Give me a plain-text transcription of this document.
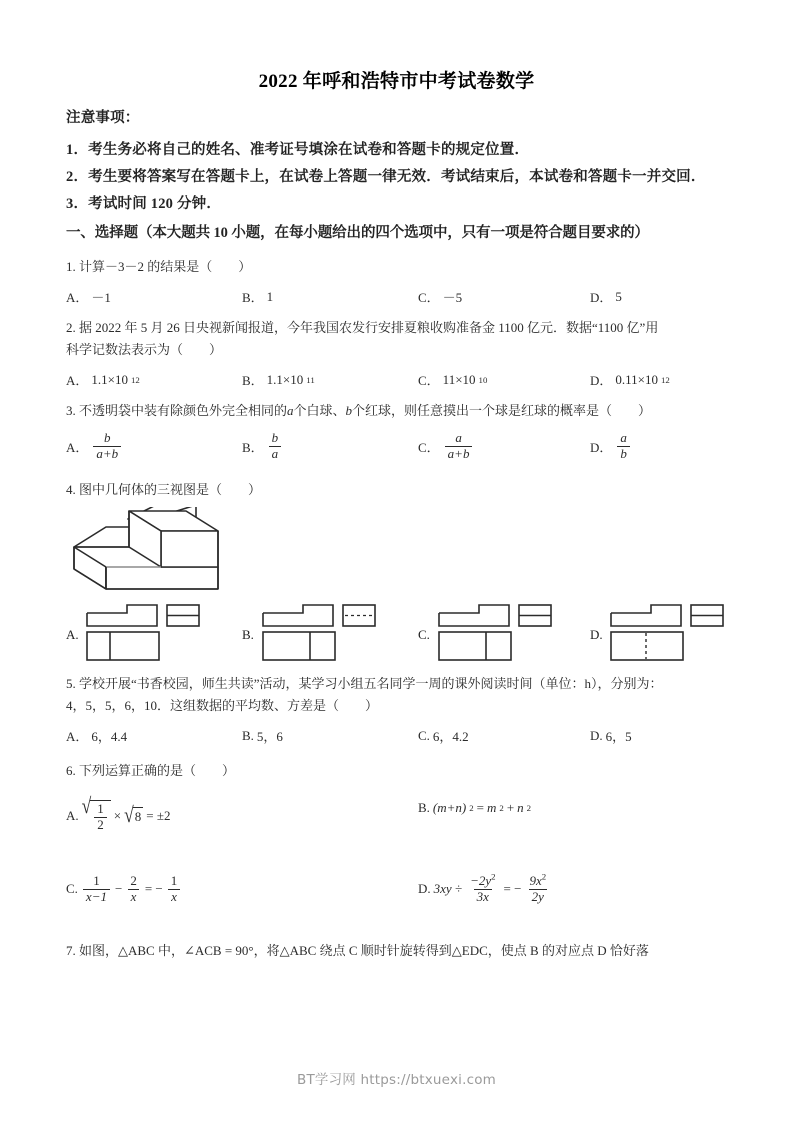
2022 年呼和浩特市中考试卷数学
注意事项：

1．考生务必将自己的姓名、准考证号填涂在试卷和答题卡的规定位置．

2．考生要将答案写在答题卡上，在试卷上答题一律无效．考试结束后，本试卷和答题卡一并交回．

3．考试时间 120 分钟．

一、选择题（本大题共 10 小题，在每小题给出的四个选项中，只有一项是符合题目要求的）

1. 计算－3－2 的结果是（　　）

A． －1	B． 1	C． －5	D． 5

2. 据 2022 年 5 月 26 日央视新闻报道，今年我国农发行安排夏粮收购准备金 1100 亿元．数据“1100 亿”用

科学记数法表示为（　　）

A． 1.1×10 12	B． 1.1×10 11	C． 11×10 10	D． 0.11×10 12

3. 不透明袋中装有除颜色外完全相同的a个白球、b个红球，则任意摸出一个球是红球的概率是（　　）

A． $\frac{b}{a+b}$	B． $\frac{b}{a}$	C． $\frac{a}{a+b}$	D． $\frac{a}{b}$

4. 图中几何体的三视图是（　　）

A.	B.	C.	D.

5. 学校开展“书香校园，师生共读”活动，某学习小组五名同学一周的课外阅读时间（单位：h），分别为：

4，5，5，6，10．这组数据的平均数、方差是（　　）

A． 6，4.4	B. 5，6	C. 6，4.2	D. 6，5

6. 下列运算正确的是（　　）

A. √ $\frac{1}{2}$ × √ 8 = ±2
B. (m+n) 2 = m 2 + n 2
C. $\frac{1}{x-1} - \frac{2}{x}$ = − $\frac{1}{x}$	D. $3xy \div \frac{-2y^2}{3x}$ = − $\frac{9x^2}{2y}$

7. 如图，△ABC 中，∠ACB = 90°，将△ABC 绕点 C 顺时针旋转得到△EDC，使点 B 的对应点 D 恰好落

BT学习网 https://btxuexi.com
